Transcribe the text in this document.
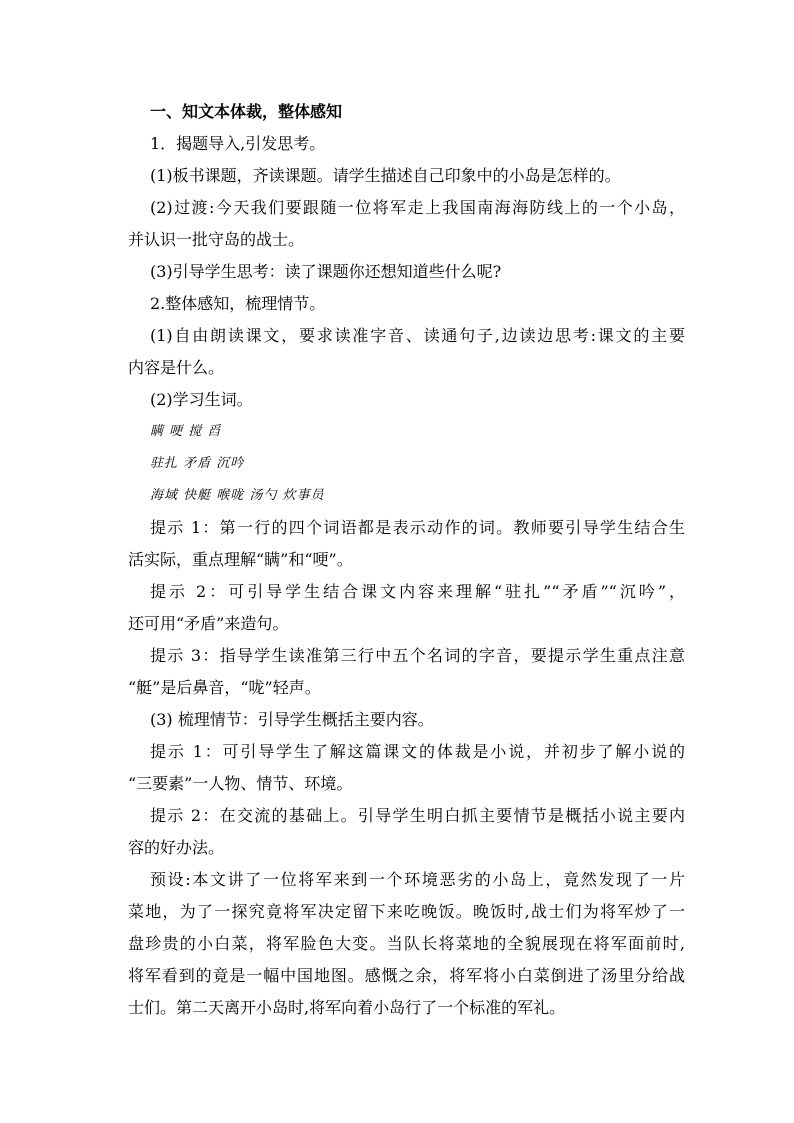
一、知文本体裁，整体感知
1．揭题导入,引发思考。
(1)板书课题，齐读课题。请学生描述自己印象中的小岛是怎样的。
(2)过渡:今天我们要跟随一位将军走上我国南海海防线上的一个小岛，
并认识一批守岛的战士。
(3)引导学生思考：读了课题你还想知道些什么呢?
2.整体感知，梳理情节。
(1)自由朗读课文，要求读准字音、读通句子,边读边思考:课文的主要
内容是什么。
(2)学习生词。
瞒 哽 搅 舀
驻扎 矛盾 沉吟
海域 快艇 喉咙 汤勺 炊事员
提示 1：第一行的四个词语都是表示动作的词。教师要引导学生结合生
活实际，重点理解“瞒”和“哽”。
提示 2：可引导学生结合课文内容来理解“驻扎”“矛盾”“沉吟”，
还可用“矛盾”来造句。
提示 3：指导学生读准第三行中五个名词的字音，要提示学生重点注意
“艇”是后鼻音，“咙”轻声。
(3) 梳理情节：引导学生概括主要内容。
提示 1：可引导学生了解这篇课文的体裁是小说，并初步了解小说的
“三要素”一人物、情节、环境。
提示 2：在交流的基础上。引导学生明白抓主要情节是概括小说主要内
容的好办法。
预设:本文讲了一位将军来到一个环境恶劣的小岛上，竟然发现了一片
菜地，为了一探究竟将军决定留下来吃晚饭。晚饭时,战士们为将军炒了一
盘珍贵的小白菜，将军脸色大变。当队长将菜地的全貌展现在将军面前时,
将军看到的竟是一幅中国地图。感慨之余，将军将小白菜倒进了汤里分给战
士们。第二天离开小岛时,将军向着小岛行了一个标准的军礼。
